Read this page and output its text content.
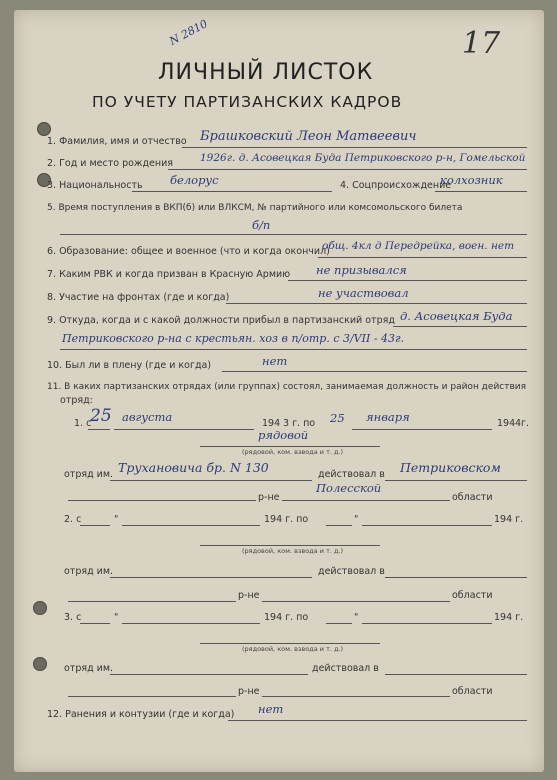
N 2810
ЛИЧНЫЙ ЛИСТОК
17
ПО УЧЕТУ ПАРТИЗАНСКИХ КАДРОВ
1. Фамилия, имя и отчество Брашковский Леон Матвеевич
2. Год и место рождения	1926г. д. Асовецкая Буда Петриковского р-н, Гомельской
3. Национальность белорус	4. Соцпроисхождение
колхозник
5. Время поступления в ВКП(б) или ВЛКСМ, № партийного или комсомольского билета
б/п
6. Образование: общее и военное (что и когда окончил)
общ. 4кл д Передрейка, воен. нет
7. Каким РВК и когда призван в Красную Армию не призывался
8. Участие на фронтах (где и когда)	не участвовал
9. Откуда, когда и с какой должности прибыл в партизанский отряд д. Асовецкая Буда
Петриковского р-на с крестьян. хоз в п/отр. с 3/VII - 43г.
10. Был ли в плену (где и когда)	нет
11. В каких партизанских отрядах (или группах) состоял, занимаемая должность и район действия
отряд:
1. с
25 августа	194 3 г. по 25 января	194 4г.
рядовой
(рядовой, ком. взвода и т. д.)
отряд им. Трухановича бр. N 130	действовал в Петриковском
Полесской
р-не	области
2. с	"	194 г. по	"	194 г.
(рядовой, ком. взвода и т. д.)
отряд им.	действовал в
р-не	области
3. с	"	194 г. по	"	194 г.
(рядовой, ком. взвода и т. д.)
отряд им.	действовал в
р-не	области
12. Ранения и контузии (где и когда) нет
